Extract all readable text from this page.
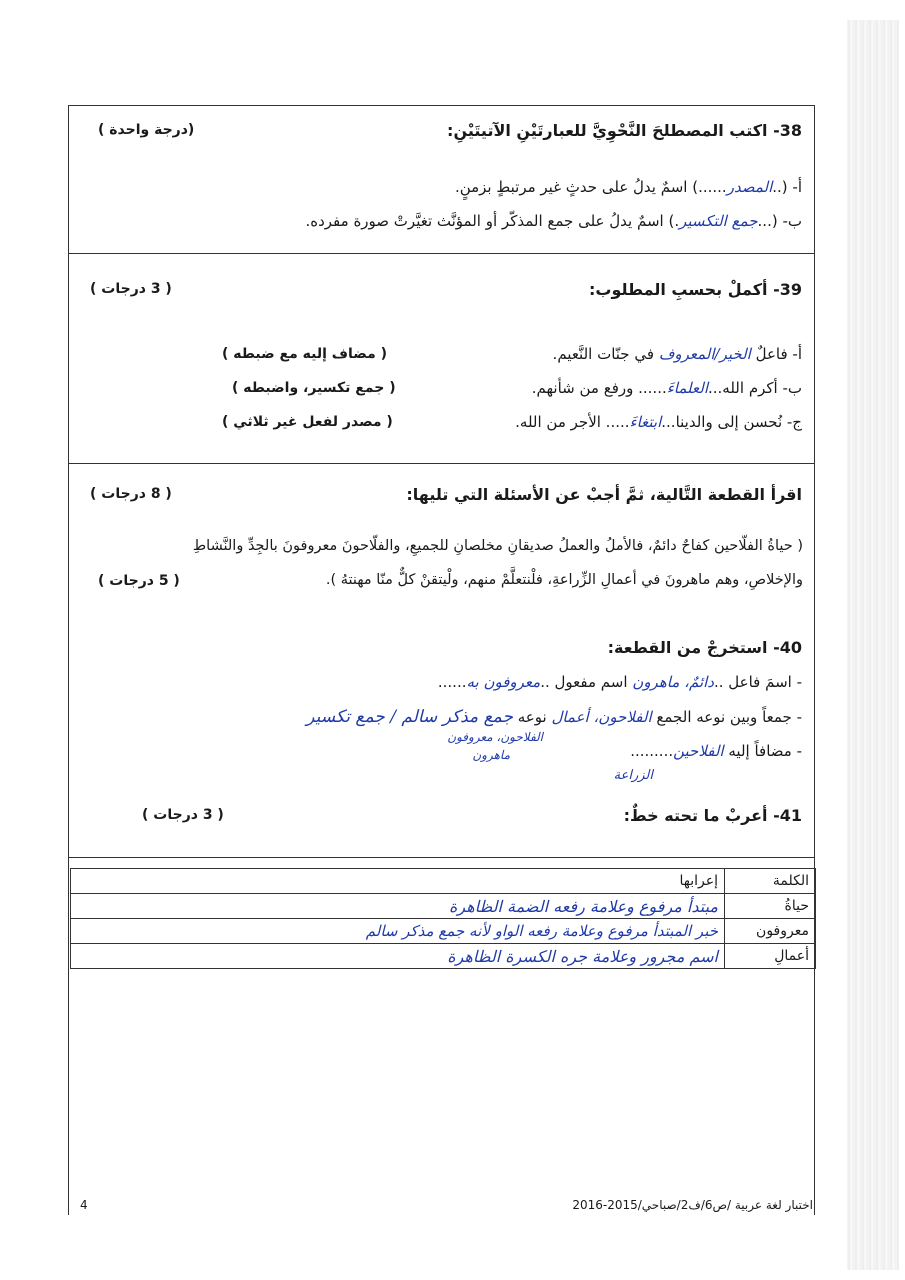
38- اكتب المصطلحَ النَّحْوِيَّ للعبارتَيْنِ الآتيتَيْنِ:
(درجة واحدة )
أ- (..المصدر......) اسمٌ يدلُ على حدثٍ غير مرتبطٍ بزمنٍ.
ب- (...جمع التكسير.) اسمٌ يدلُ على جمع المذكّر أو المؤنَّث تغيَّرتْ صورة مفرده.
39- أكملْ بحسبِ المطلوب:
( 3 درجات )
أ- فاعلٌ الخير/المعروف في جنّات النَّعيم.
( مضاف إليه مع ضبطه )
ب- أكرم الله...العلماءَ...... ورفع من شأنهم.
( جمع تكسير، واضبطه )
ج- نُحسن إلى والدينا...ابتغاءَ..... الأجر من الله.
( مصدر لفعل غير ثلاثي )
اقرأ القطعة التَّالية، ثمَّ أجبْ عن الأسئلة التي تليها:
( 8 درجات )
( حياةُ الفلّاحين كفاحٌ دائمٌ، فالأملُ والعملُ صديقانِ مخلصانِ للجميعِ، والفلّاحونَ معروفونَ بالجِدِّ والنَّشاطِ
والإخلاصِ، وهم ماهرونَ في أعمالِ الزِّراعةِ، فلْنتعلَّمْ منهم، ولْيتقنْ كلٌّ منّا مهنتهُ ).
( 5 درجات )
40- استخرجْ من القطعة:
- اسمَ فاعل ..دائمٌ، ماهرون اسم مفعول ..معروفون به......
- جمعاً وبين نوعه الجمع الفلاحون، أعمال نوعه جمع مذكر سالم / جمع تكسير
الفلاحون، معروفون
- مضافاً إليه الفلاحين.........
ماهرون
الزراعة
41- أعربْ ما تحته خطٌ:
( 3 درجات )
الكلمة	إعرابها
حياةُ	مبتدأ مرفوع وعلامة رفعه الضمة الظاهرة
معروفون	خبر المبتدأ مرفوع وعلامة رفعه الواو لأنه جمع مذكر سالم
أعمالِ	اسم مجرور وعلامة جره الكسرة الظاهرة
اختبار لغة عربية /ص6/ف2/صباحي/2015-2016
4
